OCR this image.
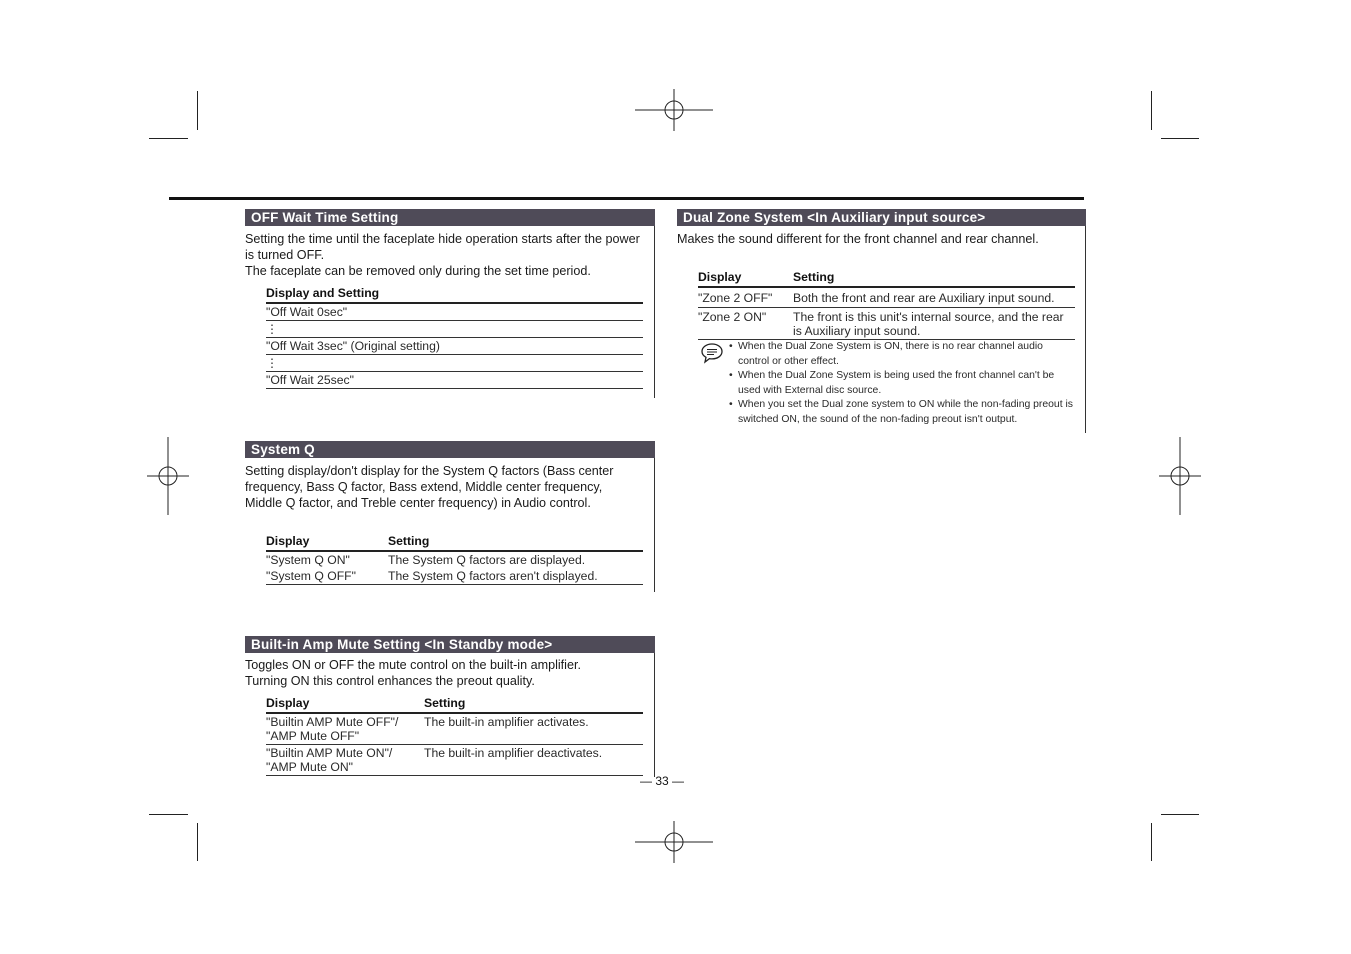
OFF Wait Time Setting
Setting the time until the faceplate hide operation starts after the power is turned OFF.
The faceplate can be removed only during the set time period.
Display and Setting
"Off Wait 0sec"
⋮
"Off Wait 3sec" (Original setting)
⋮
"Off Wait 25sec"
System Q
Setting display/don't display for the System Q factors (Bass center frequency, Bass Q factor, Bass extend, Middle center frequency, Middle Q factor, and Treble center frequency) in Audio control.
Display	Setting
"System Q ON"	The System Q factors are displayed.
"System Q OFF"	The System Q factors aren't displayed.
Built-in Amp Mute Setting <In Standby mode>
Toggles ON or OFF the mute control on the built-in amplifier.
Turning ON this control enhances the preout quality.
Display	Setting

"Builtin AMP Mute OFF"/
"AMP Mute OFF"	The built-in amplifier activates.

"Builtin AMP Mute ON"/
"AMP Mute ON"	The built-in amplifier deactivates.
— 33 —
Dual Zone System <In Auxiliary input source>
Makes the sound different for the front channel and rear channel.
Display	Setting
"Zone 2 OFF"	Both the front and rear are Auxiliary input sound.
"Zone 2 ON"	The front is this unit's internal source, and the rear is Auxiliary input sound.
• When the Dual Zone System is ON, there is no rear channel audio control or other effect.
• When the Dual Zone System is being used the front channel can't be used with External disc source.
• When you set the Dual zone system to ON while the non-fading preout is switched ON, the sound of the non-fading preout isn't output.
